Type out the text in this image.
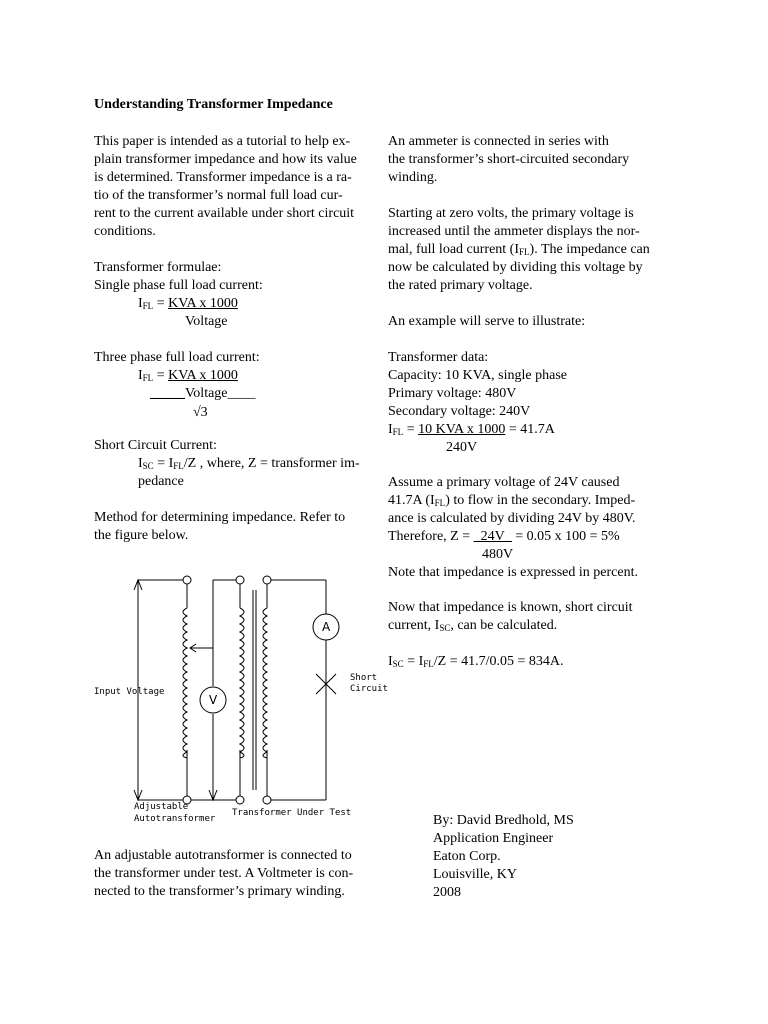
Understanding Transformer Impedance
This paper is intended as a tutorial to help ex-
plain transformer impedance and how its value
is determined. Transformer impedance is a ra-
tio of the transformer’s normal full load cur-
rent to the current available under short circuit
conditions.
Transformer formulae:
Single phase full load current:
$I_{FL}$ = KVA x 1000
Voltage
Three phase full load current:
$I_{FL}$ = KVA x 1000
_____Voltage____
√3
Short Circuit Current:
$I_{SC} = I_{FL}/Z$ , where, Z = transformer im-
pedance
Method for determining impedance. Refer to
the figure below.
A
V
Input Voltage
Short
Circuit
Adjustable
Autotransformer
Transformer Under Test
An adjustable autotransformer is connected to
the transformer under test. A Voltmeter is con-
nected to the transformer’s primary winding.
An ammeter is connected in series with
the transformer’s short-circuited secondary
winding.
Starting at zero volts, the primary voltage is
increased until the ammeter displays the nor-
mal, full load current $(I_{FL})$. The impedance can
now be calculated by dividing this voltage by
the rated primary voltage.
An example will serve to illustrate:
Transformer data:
Capacity: 10 KVA, single phase
Primary voltage: 480V
Secondary voltage: 240V
$I_{FL} = 10$ KVA x 1000 = 41.7A
240V
Assume a primary voltage of 24V caused
41.7A $(I_{FL})$ to flow in the secondary. Imped-
ance is calculated by dividing 24V by 480V.
Therefore, Z = _24V_ = 0.05 x 100 = 5%
480V
Note that impedance is expressed in percent.
Now that impedance is known, short circuit
current, $I_{SC}$, can be calculated.
$I_{SC} = I_{FL}/Z = 41.7/0.05 = 834A$.
By: David Bredhold, MS
Application Engineer
Eaton Corp.
Louisville, KY
2008
